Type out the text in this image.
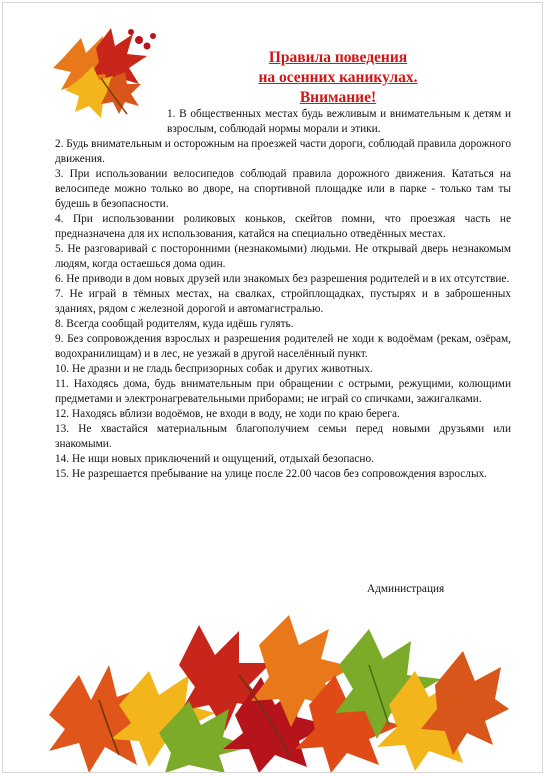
Правила поведения
на осенних каникулах.
Внимание!

1. В общественных местах будь вежливым и внимательным к детям и взрослым, соблюдай нормы морали и этики.

2. Будь внимательным и осторожным на проезжей части дороги, соблюдай правила дорожного движения.

3. При использовании велосипедов соблюдай правила дорожного движения. Кататься на велосипеде можно только во дворе, на спортивной площадке или в парке - только там ты будешь в безопасности.

4. При использовании роликовых коньков, скейтов помни, что проезжая часть не предназначена для их использования, катайся на специально отведённых местах.

5. Не разговаривай с посторонними (незнакомыми) людьми. Не открывай дверь незнакомым людям, когда остаешься дома один.

6. Не приводи в дом новых друзей или знакомых без разрешения родителей и в их отсутствие.

7. Не играй в тёмных местах, на свалках, стройплощадках, пустырях и в заброшенных зданиях, рядом с железной дорогой и автомагистралью.

8. Всегда сообщай родителям, куда идёшь гулять.

9. Без сопровождения взрослых и разрешения родителей не ходи к водоёмам (рекам, озёрам, водохранилищам) и в лес, не уезжай в другой населённый пункт.

10. Не дразни и не гладь беспризорных собак и других животных.

11. Находясь дома, будь внимательным при обращении с острыми, режущими, колющими предметами и электронагревательными приборами; не играй со спичками, зажигалками.

12. Находясь вблизи водоёмов, не входи в воду, не ходи по краю берега.

13. Не хвастайся материальным благополучием семьи перед новыми друзьями или знакомыми.

14. Не ищи новых приключений и ощущений, отдыхай безопасно.

15. Не разрешается пребывание на улице после 22.00 часов без сопровождения взрослых.

Администрация
